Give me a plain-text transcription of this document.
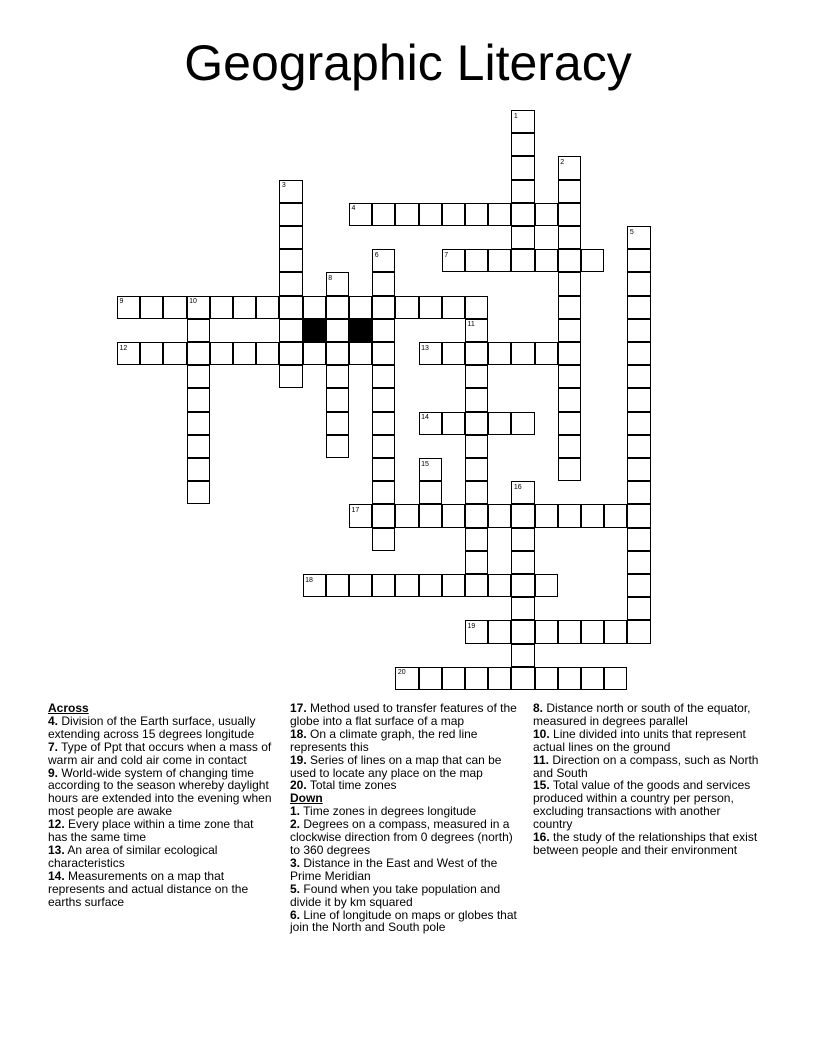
Geographic Literacy
1
2
3
4
5
6	7
8
9	10
11
12	13
14
15
16
17
18
19
20
Across
4. Division of the Earth surface, usually extending across 15 degrees longitude
7. Type of Ppt that occurs when a mass of warm air and cold air come in contact
9. World-wide system of changing time according to the season whereby daylight hours are extended into the evening when most people are awake
12. Every place within a time zone that has the same time
13. An area of similar ecological characteristics
14. Measurements on a map that represents and actual distance on the earths surface
17. Method used to transfer features of the globe into a flat surface of a map
18. On a climate graph, the red line represents this
19. Series of lines on a map that can be used to locate any place on the map
20. Total time zones
Down
1. Time zones in degrees longitude
2. Degrees on a compass, measured in a clockwise direction from 0 degrees (north) to 360 degrees
3. Distance in the East and West of the Prime Meridian
5. Found when you take population and divide it by km squared
6. Line of longitude on maps or globes that join the North and South pole
8. Distance north or south of the equator, measured in degrees parallel
10. Line divided into units that represent actual lines on the ground
11. Direction on a compass, such as North and South
15. Total value of the goods and services produced within a country per person, excluding transactions with another country
16. the study of the relationships that exist between people and their environment
